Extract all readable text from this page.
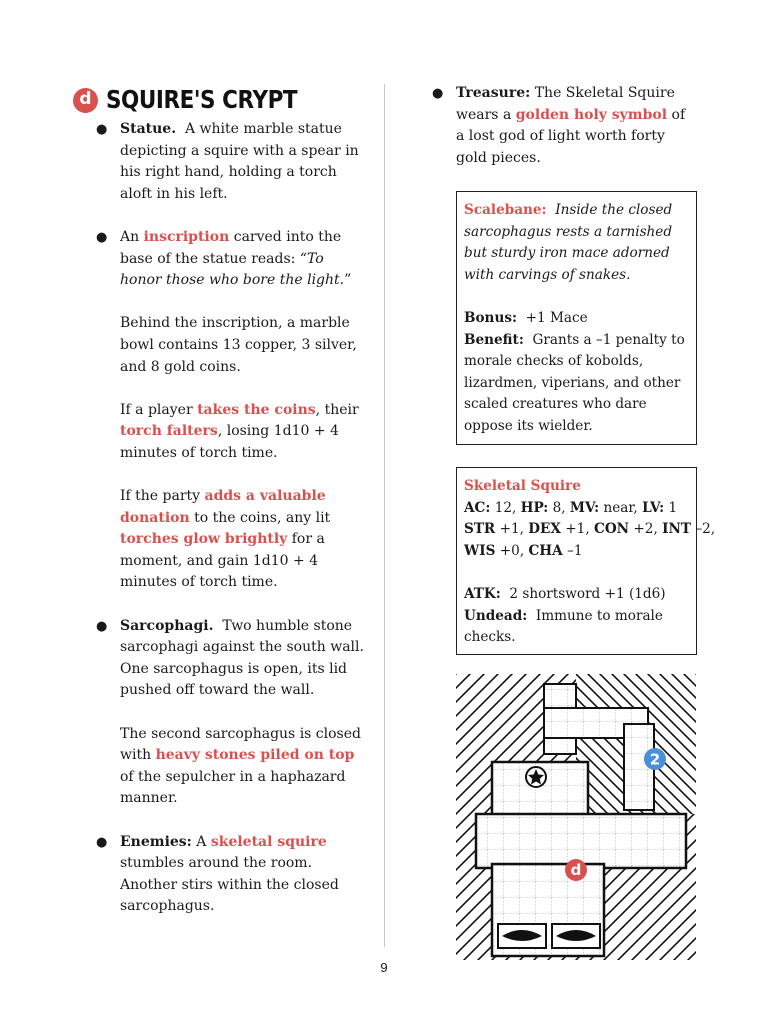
d SQUIRE'S CRYPT
● Statue. A white marble statue depicting a squire with a spear in his right hand, holding a torch aloft in his left.

● An inscription carved into the base of the statue reads: “To honor those who bore the light.”

Behind the inscription, a marble bowl contains 13 copper, 3 silver, and 8 gold coins.

If a player takes the coins, their torch falters, losing 1d10 + 4 minutes of torch time.

If the party adds a valuable donation to the coins, any lit torches glow brightly for a moment, and gain 1d10 + 4 minutes of torch time.

● Sarcophagi. Two humble stone sarcophagi against the south wall. One sarcophagus is open, its lid pushed off toward the wall.

The second sarcophagus is closed with heavy stones piled on top of the sepulcher in a haphazard manner.

● Enemies: A skeletal squire stumbles around the room. Another stirs within the closed sarcophagus.

● Treasure: The Skeletal Squire wears a golden holy symbol of a lost god of light worth forty gold pieces.

Scalebane: Inside the closed sarcophagus rests a tarnished but sturdy iron mace adorned with carvings of snakes.

Bonus: +1 Mace

Benefit: Grants a –1 penalty to morale checks of kobolds, lizardmen, viperians, and other scaled creatures who dare oppose its wielder.

Skeletal Squire

AC: 12, HP: 8, MV: near, LV: 1

STR +1, DEX +1, CON +2, INT –2,

WIS +0, CHA –1

ATK: 2 shortsword +1 (1d6)

Undead: Immune to morale checks.

d
2
9
